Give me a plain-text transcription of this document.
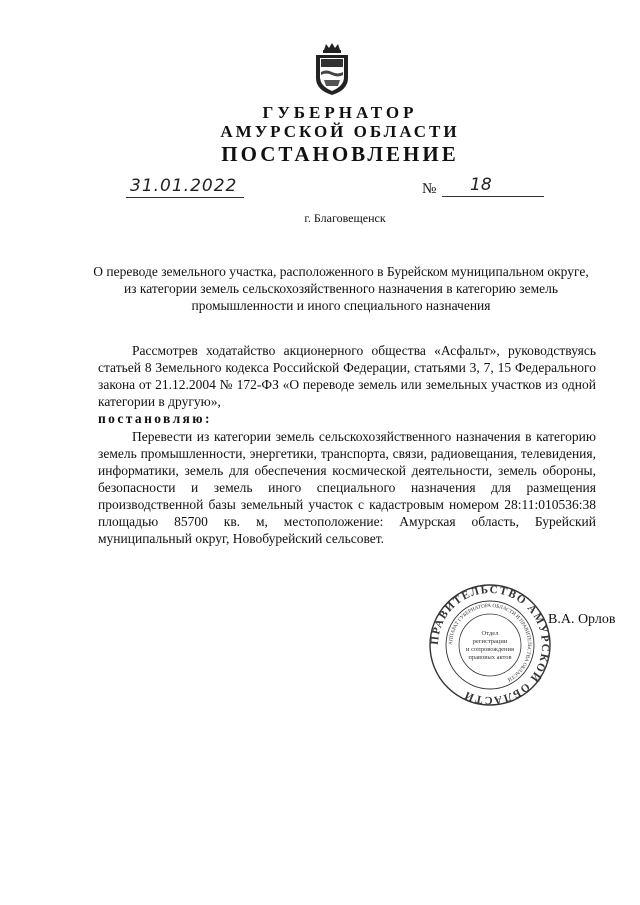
ГУБЕРНАТОР
АМУРСКОЙ ОБЛАСТИ
ПОСТАНОВЛЕНИЕ
31.01.2022	№ 18
г. Благовещенск
О переводе земельного участка, расположенного в Бурейском муниципальном округе, из категории земель сельскохозяйственного назначения в категорию земель промышленности и иного специального назначения
Рассмотрев ходатайство акционерного общества «Асфальт», руководствуясь статьей 8 Земельного кодекса Российской Федерации, статьями 3, 7, 15 Федерального закона от 21.12.2004 № 172-ФЗ «О переводе земель или земельных участков из одной категории в другую»,
постановляю:
Перевести из категории земель сельскохозяйственного назначения в категорию земель промышленности, энергетики, транспорта, связи, радиовещания, телевидения, информатики, земель для обеспечения космической деятельности, земель обороны, безопасности и земель иного специального назначения для размещения производственной базы земельный участок с кадастровым номером 28:11:010536:38 площадью 85700 кв. м, местоположение: Амурская область, Бурейский муниципальный округ, Новобурейский сельсовет.
ПРАВИТЕЛЬСТВО АМУРСКОЙ ОБЛАСТИ
АППАРАТ ГУБЕРНАТОРА ОБЛАСТИ И ПРАВИТЕЛЬСТВА ОБЛАСТИ
Отдел
регистрации
и сопровождения
правовых актов
В.А. Орлов
